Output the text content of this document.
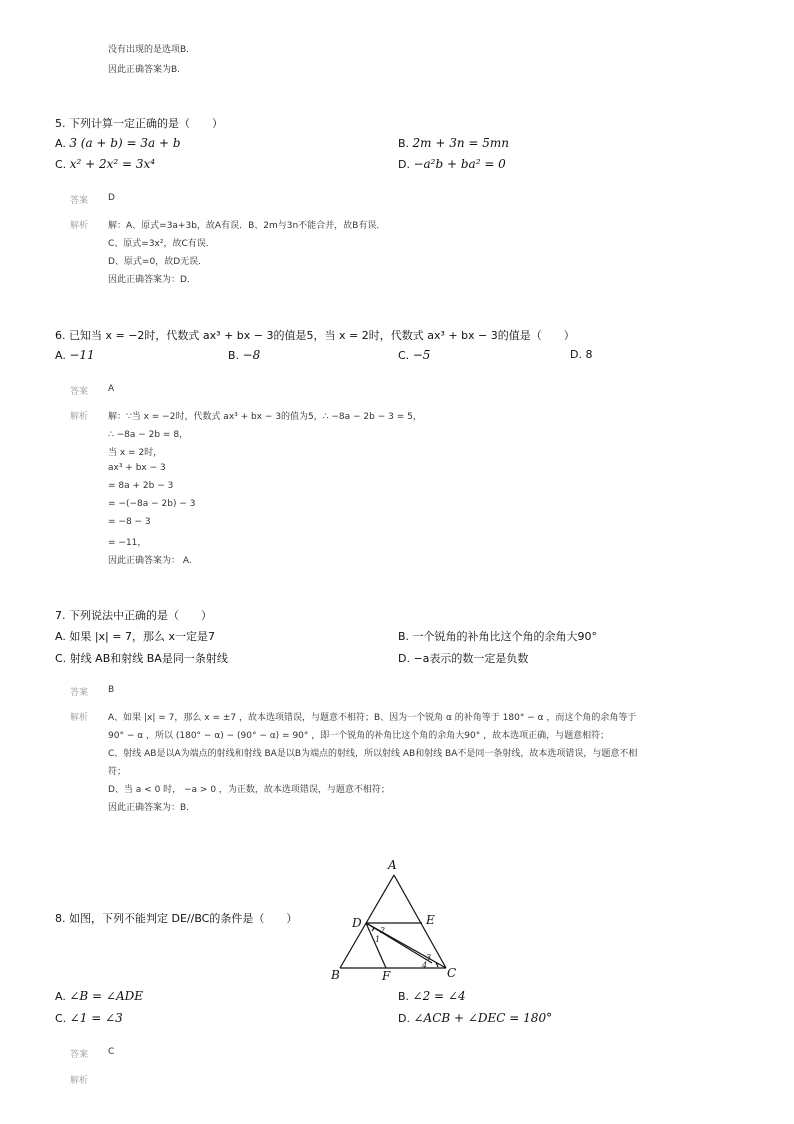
没有出现的是选项B.
因此正确答案为B.
5. 下列计算一定正确的是（　　）
A. 3 (a + b) = 3a + b	B. 2m + 3n = 5mn
C. x² + 2x² = 3x⁴	D. −a²b + ba² = 0
答案 D
解析 解：A、原式=3a+3b，故A有误．B、2m与3n不能合并，故B有误．
C、原式=3x²，故C有误．
D、原式=0，故D无误．
因此正确答案为：D．
6. 已知当 x = −2时，代数式 ax³ + bx − 3的值是5，当 x = 2时，代数式 ax³ + bx − 3的值是（　　）
A. −11	B. −8	C. −5	D. 8
答案 A
解析 解：∵当 x = −2时，代数式 ax³ + bx − 3的值为5，∴ −8a − 2b − 3 = 5，
∴ −8a − 2b = 8，
当 x = 2时，
ax³ + bx − 3
= 8a + 2b − 3
= −(−8a − 2b) − 3
= −8 − 3
= −11，
因此正确答案为： A.
7. 下列说法中正确的是（　　）
A. 如果 |x| = 7，那么 x一定是7	B. 一个锐角的补角比这个角的余角大90°
C. 射线 AB和射线 BA是同一条射线	D. −a表示的数一定是负数
答案 B
解析 A、如果 |x| = 7，那么 x = ±7 ，故本选项错误，与题意不相符；B、因为一个锐角 α 的补角等于 180° − α ，而这个角的余角等于
90° − α ，所以 (180° − α) − (90° − α) = 90° ，即一个锐角的补角比这个角的余角大90° ，故本选项正确，与题意相符；
C、射线 AB是以A为端点的射线和射线 BA是以B为端点的射线，所以射线 AB和射线 BA不是同一条射线，故本选项错误，与题意不相
符；
D、当 a < 0 时， −a > 0 ，为正数，故本选项错误，与题意不相符；
因此正确答案为：B．
8. 如图，下列不能判定 DE//BC的条件是（　　）
A
D	E
B	F	C
1
2
3
4
A. ∠B = ∠ADE	B. ∠2 = ∠4
C. ∠1 = ∠3	D. ∠ACB + ∠DEC = 180°
答案 C
解析
